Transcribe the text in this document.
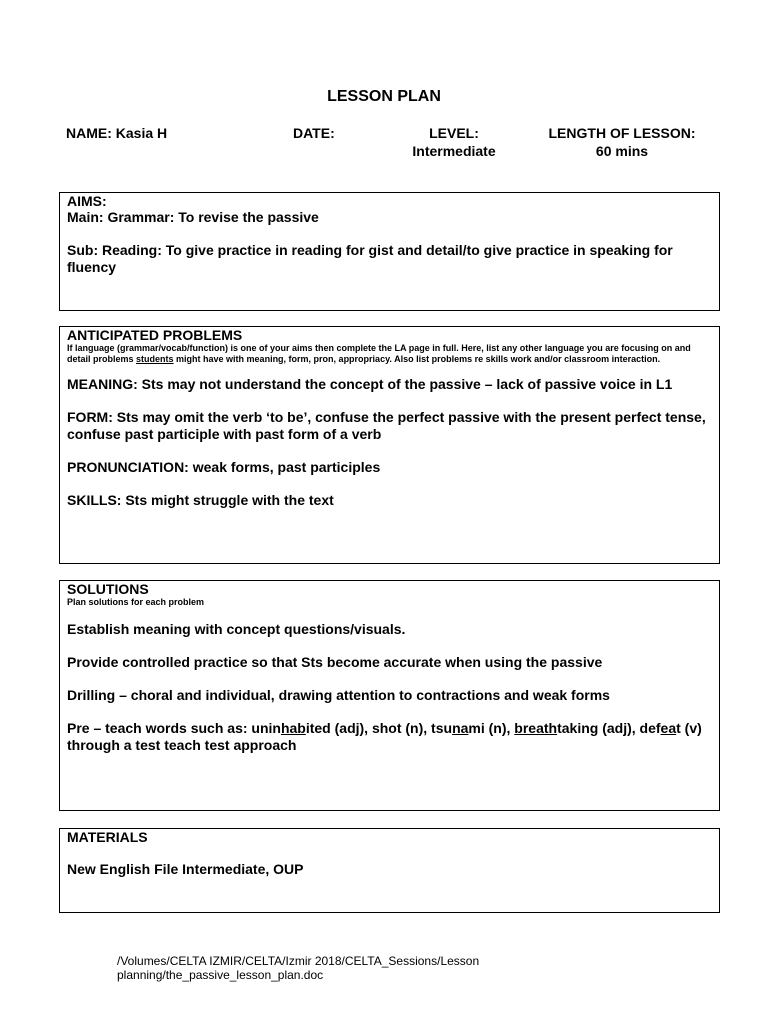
LESSON PLAN
NAME: Kasia H	DATE:	LEVEL:
Intermediate
LENGTH OF LESSON:
60 mins
AIMS:

Main: Grammar: To revise the passive

Sub: Reading: To give practice in reading for gist and detail/to give practice in speaking for fluency

ANTICIPATED PROBLEMS

If language (grammar/vocab/function) is one of your aims then complete the LA page in full. Here, list any other language you are focusing on and detail problems students might have with meaning, form, pron, appropriacy. Also list problems re skills work and/or classroom interaction.

MEANING: Sts may not understand the concept of the passive – lack of passive voice in L1

FORM: Sts may omit the verb ‘to be’, confuse the perfect passive with the present perfect tense, confuse past participle with past form of a verb

PRONUNCIATION: weak forms, past participles

SKILLS: Sts might struggle with the text

SOLUTIONS

Plan solutions for each problem

Establish meaning with concept questions/visuals.

Provide controlled practice so that Sts become accurate when using the passive

Drilling – choral and individual, drawing attention to contractions and weak forms

Pre – teach words such as: uninhabited (adj), shot (n), tsunami (n), breathtaking (adj), defeat (v) through a test teach test approach

MATERIALS

New English File Intermediate, OUP

/Volumes/CELTA IZMIR/CELTA/Izmir 2018/CELTA_Sessions/Lesson planning/the_passive_lesson_plan.doc
